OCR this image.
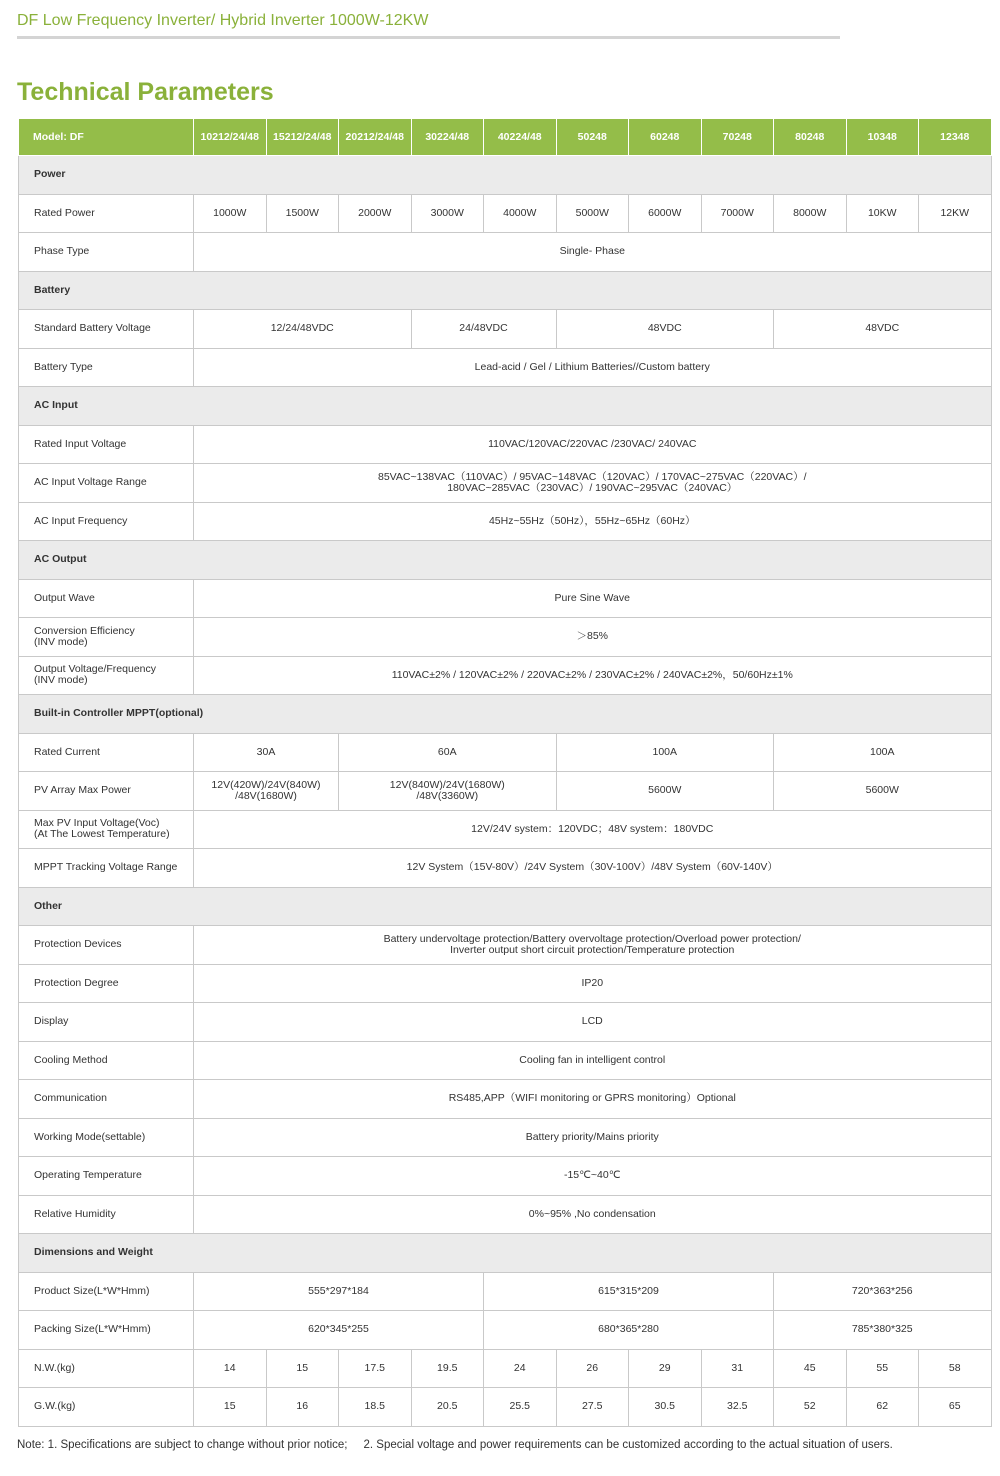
DF Low Frequency Inverter/ Hybrid Inverter 1000W-12KW
Technical Parameters
Model: DF	10212/24/48	15212/24/48	20212/24/48	30224/48	40224/48	50248	60248	70248	80248	10348	12348
Power											
Rated Power	1000W	1500W	2000W	3000W	4000W	5000W	6000W	7000W	8000W	10KW	12KW
Phase Type	Single- Phase										
Battery											
Standard Battery Voltage	12/24/48VDC			24/48VDC		48VDC			48VDC		
Battery Type	Lead-acid / Gel / Lithium Batteries//Custom battery										
AC Input											
Rated Input Voltage	110VAC/120VAC/220VAC /230VAC/ 240VAC										
AC Input Voltage Range	85VAC~138VAC（110VAC）/ 95VAC~148VAC（120VAC）/ 170VAC~275VAC（220VAC）/
180VAC~285VAC（230VAC）/ 190VAC~295VAC（240VAC）										
AC Input Frequency	45Hz~55Hz（50Hz），55Hz~65Hz（60Hz）										
AC Output											
Output Wave	Pure Sine Wave										
Conversion Efficiency
(INV mode)	＞85%										
Output Voltage/Frequency
(INV mode)	110VAC±2% / 120VAC±2% / 220VAC±2% / 230VAC±2% / 240VAC±2%，50/60Hz±1%										
Built-in Controller MPPT(optional)											
Rated Current	30A		60A			100A			100A		
PV Array Max Power	12V(420W)/24V(840W)
/48V(1680W)		12V(840W)/24V(1680W)
/48V(3360W)			5600W			5600W		
Max PV Input Voltage(Voc)
(At The Lowest Temperature)	12V/24V system：120VDC；48V system：180VDC										
MPPT Tracking Voltage Range	12V System（15V-80V）/24V System（30V-100V）/48V System（60V-140V）										
Other											
Protection Devices	Battery undervoltage protection/Battery overvoltage protection/Overload power protection/
Inverter output short circuit protection/Temperature protection										
Protection Degree	IP20										
Display	LCD										
Cooling Method	Cooling fan in intelligent control										
Communication	RS485,APP（WIFI monitoring or GPRS monitoring）Optional										
Working Mode(settable)	Battery priority/Mains priority										
Operating Temperature	-15℃~40℃										
Relative Humidity	0%~95% ,No condensation										
Dimensions and Weight											
Product Size(L*W*Hmm)	555*297*184				615*315*209				720*363*256		
Packing Size(L*W*Hmm)	620*345*255				680*365*280				785*380*325		
N.W.(kg)	14	15	17.5	19.5	24	26	29	31	45	55	58
G.W.(kg)	15	16	18.5	20.5	25.5	27.5	30.5	32.5	52	62	65
Note: 1. Specifications are subject to change without prior notice; 2. Special voltage and power requirements can be customized according to the actual situation of users.
